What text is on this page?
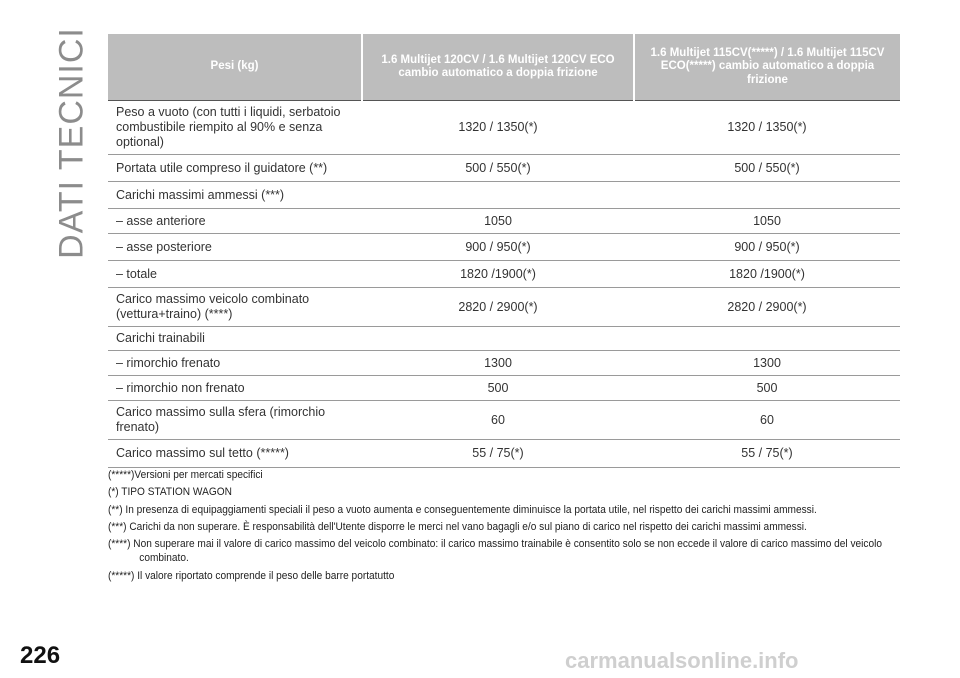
DATI TECNICI	Pesi (kg)	1.6 Multijet 120CV / 1.6 Multijet 120CV ECO cambio automatico a doppia frizione	1.6 Multijet 115CV(*****) / 1.6 Multijet 115CV ECO(*****) cambio automatico a doppia frizione
Peso a vuoto (con tutti i liquidi, serbatoio combustibile riempito al 90% e senza optional)	1320 / 1350(*)	1320 / 1350(*)
Portata utile compreso il guidatore (**)	500 / 550(*)	500 / 550(*)
Carichi massimi ammessi (***)		
– asse anteriore	1050	1050
– asse posteriore	900 / 950(*)	900 / 950(*)
– totale	1820 /1900(*)	1820 /1900(*)
Carico massimo veicolo combinato (vettura+traino) (****)	2820 / 2900(*)	2820 / 2900(*)
Carichi trainabili		
– rimorchio frenato	1300	1300
– rimorchio non frenato	500	500
Carico massimo sulla sfera (rimorchio frenato)	60	60
Carico massimo sul tetto (*****)	55 / 75(*)	55 / 75(*)

(*****)Versioni per mercati specifici

(*) TIPO STATION WAGON

(**) In presenza di equipaggiamenti speciali il peso a vuoto aumenta e conseguentemente diminuisce la portata utile, nel rispetto dei carichi massimi ammessi.

(***) Carichi da non superare. È responsabilità dell'Utente disporre le merci nel vano bagagli e/o sul piano di carico nel rispetto dei carichi massimi ammessi.

(****) Non superare mai il valore di carico massimo del veicolo combinato: il carico massimo trainabile è consentito solo se non eccede il valore di carico massimo del veicolo combinato.

(*****) Il valore riportato comprende il peso delle barre portatutto

226	carmanualsonline.info
